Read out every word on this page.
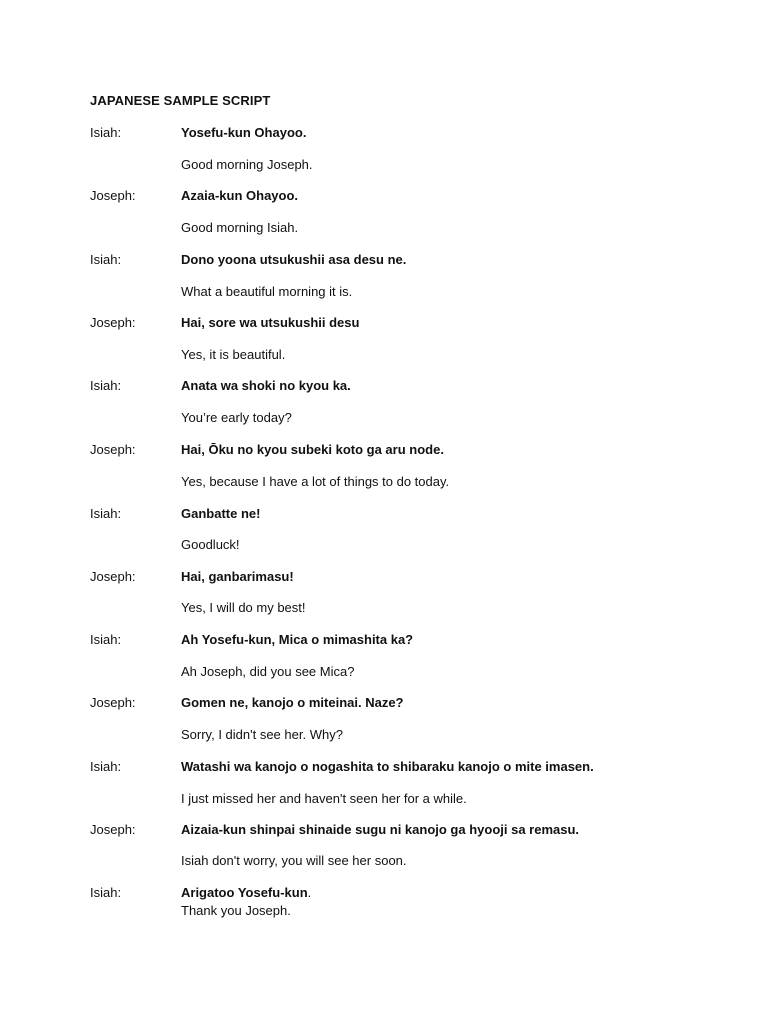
JAPANESE SAMPLE SCRIPT
Isiah:	Yosefu-kun Ohayoo.
Good morning Joseph.
Joseph:	Azaia-kun Ohayoo.
Good morning Isiah.
Isiah:	Dono yoona utsukushii asa desu ne.
What a beautiful morning it is.
Joseph:	Hai, sore wa utsukushii desu
Yes, it is beautiful.
Isiah:	Anata wa shoki no kyou ka.
You’re early today?
Joseph:	Hai, Ōku no kyou subeki koto ga aru node.
Yes, because I have a lot of things to do today.
Isiah:	Ganbatte ne!
Goodluck!
Joseph:	Hai, ganbarimasu!
Yes, I will do my best!
Isiah:	Ah Yosefu-kun, Mica o mimashita ka?
Ah Joseph, did you see Mica?
Joseph:	Gomen ne, kanojo o miteinai. Naze?
Sorry, I didn't see her. Why?
Isiah:	Watashi wa kanojo o nogashita to shibaraku kanojo o mite imasen.
I just missed her and haven't seen her for a while.
Joseph:	Aizaia-kun shinpai shinaide sugu ni kanojo ga hyooji sa remasu.
Isiah don't worry, you will see her soon.
Isiah:	Arigatoo Yosefu-kun.
Thank you Joseph.
